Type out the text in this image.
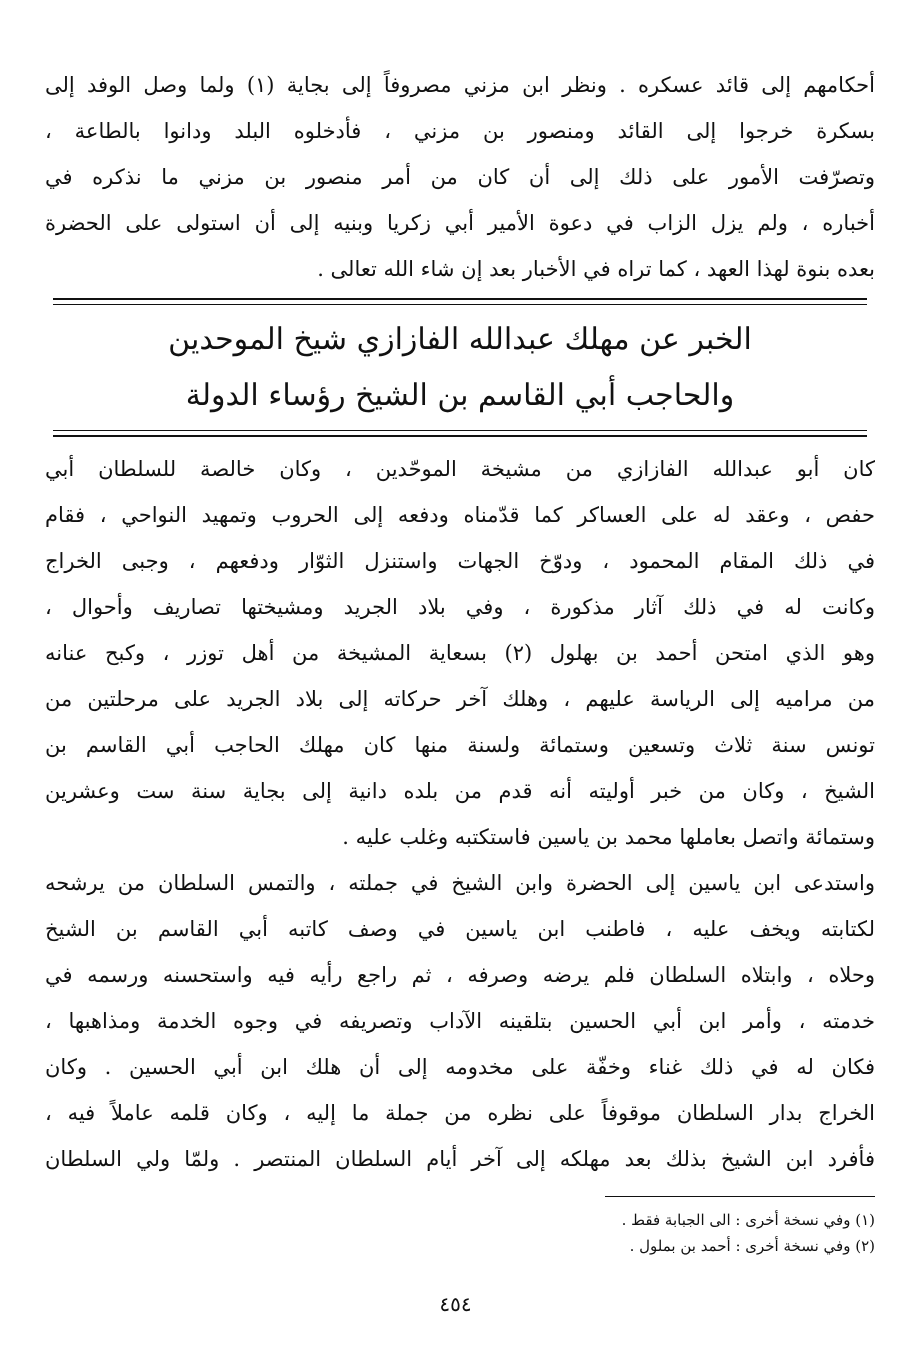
أحكامهم إلى قائد عسكره . ونظر ابن مزني مصروفاً إلى بجاية (١) ولما وصل الوفد إلى
بسكرة خرجوا إلى القائد ومنصور بن مزني ، فأدخلوه البلد ودانوا بالطاعة ،
وتصرّفت الأمور على ذلك إلى أن كان من أمر منصور بن مزني ما نذكره في
أخباره ، ولم يزل الزاب في دعوة الأمير أبي زكريا وبنيه إلى أن استولى على الحضرة
بعده بنوة لهذا العهد ، كما تراه في الأخبار بعد إن شاء الله تعالى .
الخبر عن مهلك عبدالله الفازازي شيخ الموحدين
والحاجب أبي القاسم بن الشيخ رؤساء الدولة
كان أبو عبدالله الفازازي من مشيخة الموحّدين ، وكان خالصة للسلطان أبي
حفص ، وعقد له على العساكر كما قدّمناه ودفعه إلى الحروب وتمهيد النواحي ، فقام
في ذلك المقام المحمود ، ودوّخ الجهات واستنزل الثوّار ودفعهم ، وجبى الخراج
وكانت له في ذلك آثار مذكورة ، وفي بلاد الجريد ومشيختها تصاريف وأحوال ،
وهو الذي امتحن أحمد بن بهلول (٢) بسعاية المشيخة من أهل توزر ، وكبح عنانه
من مراميه إلى الرياسة عليهم ، وهلك آخر حركاته إلى بلاد الجريد على مرحلتين من
تونس سنة ثلاث وتسعين وستمائة ولسنة منها كان مهلك الحاجب أبي القاسم بن
الشيخ ، وكان من خبر أوليته أنه قدم من بلده دانية إلى بجاية سنة ست وعشرين
وستمائة واتصل بعاملها محمد بن ياسين فاستكتبه وغلب عليه .
واستدعى ابن ياسين إلى الحضرة وابن الشيخ في جملته ، والتمس السلطان من يرشحه
لكتابته ويخف عليه ، فاطنب ابن ياسين في وصف كاتبه أبي القاسم بن الشيخ
وحلاه ، وابتلاه السلطان فلم يرضه وصرفه ، ثم راجع رأيه فيه واستحسنه ورسمه في
خدمته ، وأمر ابن أبي الحسين بتلقينه الآداب وتصريفه في وجوه الخدمة ومذاهبها ،
فكان له في ذلك غناء وخفّة على مخدومه إلى أن هلك ابن أبي الحسين . وكان
الخراج بدار السلطان موقوفاً على نظره من جملة ما إليه ، وكان قلمه عاملاً فيه ،
فأفرد ابن الشيخ بذلك بعد مهلكه إلى آخر أيام السلطان المنتصر . ولمّا ولي السلطان
(١) وفي نسخة أخرى : الى الجبابة فقط .
(٢) وفي نسخة أخرى : أحمد بن بملول .
٤٥٤
